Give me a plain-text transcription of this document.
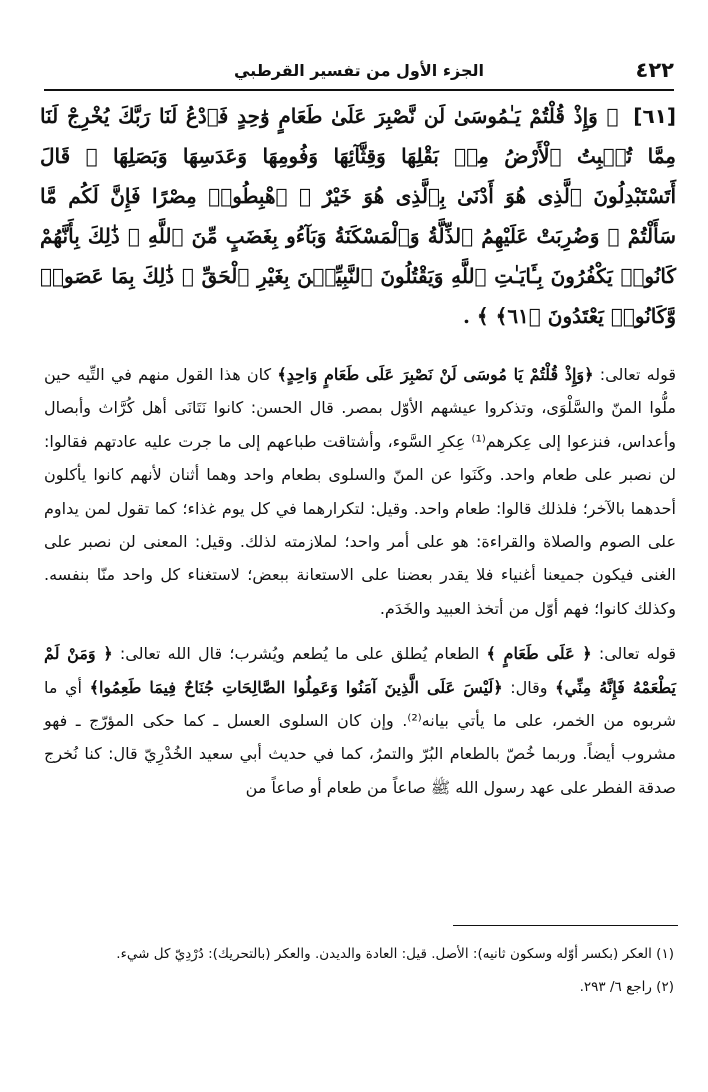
٤٢٢
الجزء الأول من تفسير القرطبي
[٦١] ﴿ وَإِذْ قُلْتُمْ يَـٰمُوسَىٰ لَن نَّصْبِرَ عَلَىٰ طَعَامٍ وَٰحِدٍ فَٱدْعُ لَنَا رَبَّكَ يُخْرِجْ لَنَا مِمَّا تُنۢبِتُ ٱلْأَرْضُ مِنۢ بَقْلِهَا وَقِثَّآئِهَا وَفُومِهَا وَعَدَسِهَا وَبَصَلِهَا ۖ قَالَ أَتَسْتَبْدِلُونَ ٱلَّذِى هُوَ أَدْنَىٰ بِٱلَّذِى هُوَ خَيْرٌ ۚ ٱهْبِطُوا۟ مِصْرًا فَإِنَّ لَكُم مَّا سَأَلْتُمْ ۗ وَضُرِبَتْ عَلَيْهِمُ ٱلذِّلَّةُ وَٱلْمَسْكَنَةُ وَبَآءُو بِغَضَبٍ مِّنَ ٱللَّهِ ۗ ذَٰلِكَ بِأَنَّهُمْ كَانُوا۟ يَكْفُرُونَ بِـَٔايَـٰتِ ٱللَّهِ وَيَقْتُلُونَ ٱلنَّبِيِّـۧنَ بِغَيْرِ ٱلْحَقِّ ۗ ذَٰلِكَ بِمَا عَصَوا۟ وَّكَانُوا۟ يَعْتَدُونَ ﴿٦١﴾ ﴾ .

قوله تعالى: ﴿وَإِذْ قُلْتُمْ يَا مُوسَى لَنْ نَصْبِرَ عَلَى طَعَامٍ وَاحِدٍ﴾ كان هذا القول منهم في التِّيه حين ملُّوا المنّ والسَّلْوَى، وتذكروا عيشهم الأوّل بمصر. قال الحسن: كانوا نَتَانَى أهل كُرَّاث وأبصال وأعداس، فنزعوا إلى عِكرهم⁽¹⁾ عِكرِ السَّوء، وأشتاقت طباعهم إلى ما جرت عليه عادتهم فقالوا: لن نصبر على طعام واحد. وكَنَوا عن المنّ والسلوى بطعام واحد وهما أثنان لأنهم كانوا يأكلون أحدهما بالآخر؛ فلذلك قالوا: طعام واحد. وقيل: لتكرارهما في كل يوم غذاء؛ كما تقول لمن يداوم على الصوم والصلاة والقراءة: هو على أمر واحد؛ لملازمته لذلك. وقيل: المعنى لن نصبر على الغنى فيكون جميعنا أغنياء فلا يقدر بعضنا على الاستعانة ببعض؛ لاستغناء كل واحد منّا بنفسه. وكذلك كانوا؛ فهم أوّل من أتخذ العبيد والخَدَم.

قوله تعالى: ﴿ عَلَى طَعَامٍ ﴾ الطعام يُطلق على ما يُطعم ويُشرب؛ قال الله تعالى: ﴿ وَمَنْ لَمْ يَطْعَمْهُ فَإِنَّهُ مِنِّي﴾ وقال: ﴿لَيْسَ عَلَى الَّذِينَ آمَنُوا وَعَمِلُوا الصَّالِحَاتِ جُنَاحٌ فِيمَا طَعِمُوا﴾ أي ما شربوه من الخمر، على ما يأتي بيانه⁽²⁾. وإن كان السلوى العسل ـ كما حكى المؤرّج ـ فهو مشروب أيضاً. وربما خُصّ بالطعام البُرّ والتمرُ، كما في حديث أبي سعيد الخُدْرِيّ قال: كنا نُخرج صدقة الفطر على عهد رسول الله ﷺ صاعاً من طعام أو صاعاً من

(١) العكر (بكسر أوّله وسكون ثانيه): الأصل. قيل: العادة والديدن. والعكر (بالتحريك): دُرْدِيّ كل شيء.

(٢) راجع ٦/ ٢٩٣.
